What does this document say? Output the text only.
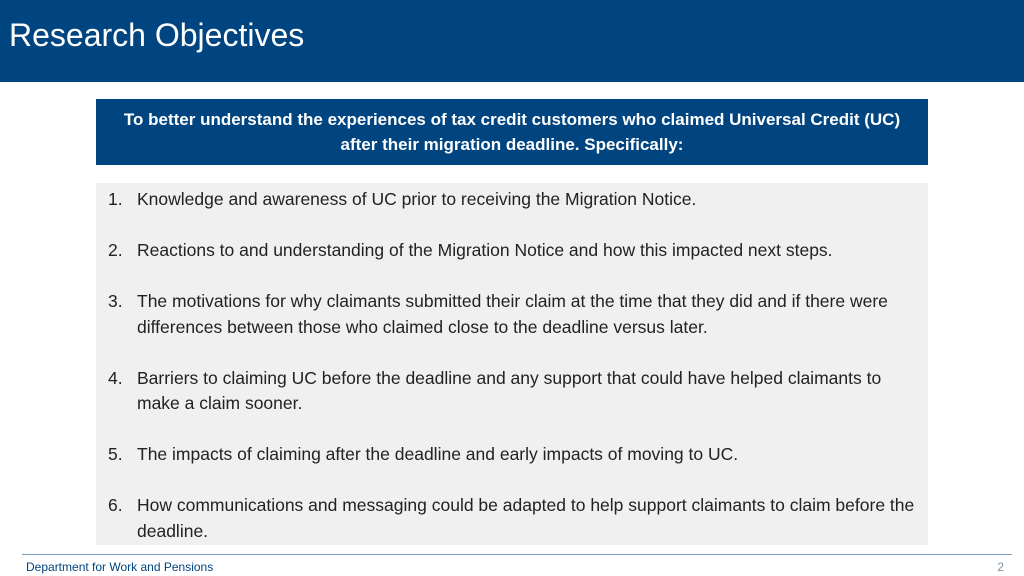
Research Objectives
To better understand the experiences of tax credit customers who claimed Universal Credit (UC) after their migration deadline. Specifically:
1. Knowledge and awareness of UC prior to receiving the Migration Notice.
2. Reactions to and understanding of the Migration Notice and how this impacted next steps.
3. The motivations for why claimants submitted their claim at the time that they did and if there were differences between those who claimed close to the deadline versus later.
4. Barriers to claiming UC before the deadline and any support that could have helped claimants to make a claim sooner.
5. The impacts of claiming after the deadline and early impacts of moving to UC.
6. How communications and messaging could be adapted to help support claimants to claim before the deadline.
Department for Work and Pensions	2
